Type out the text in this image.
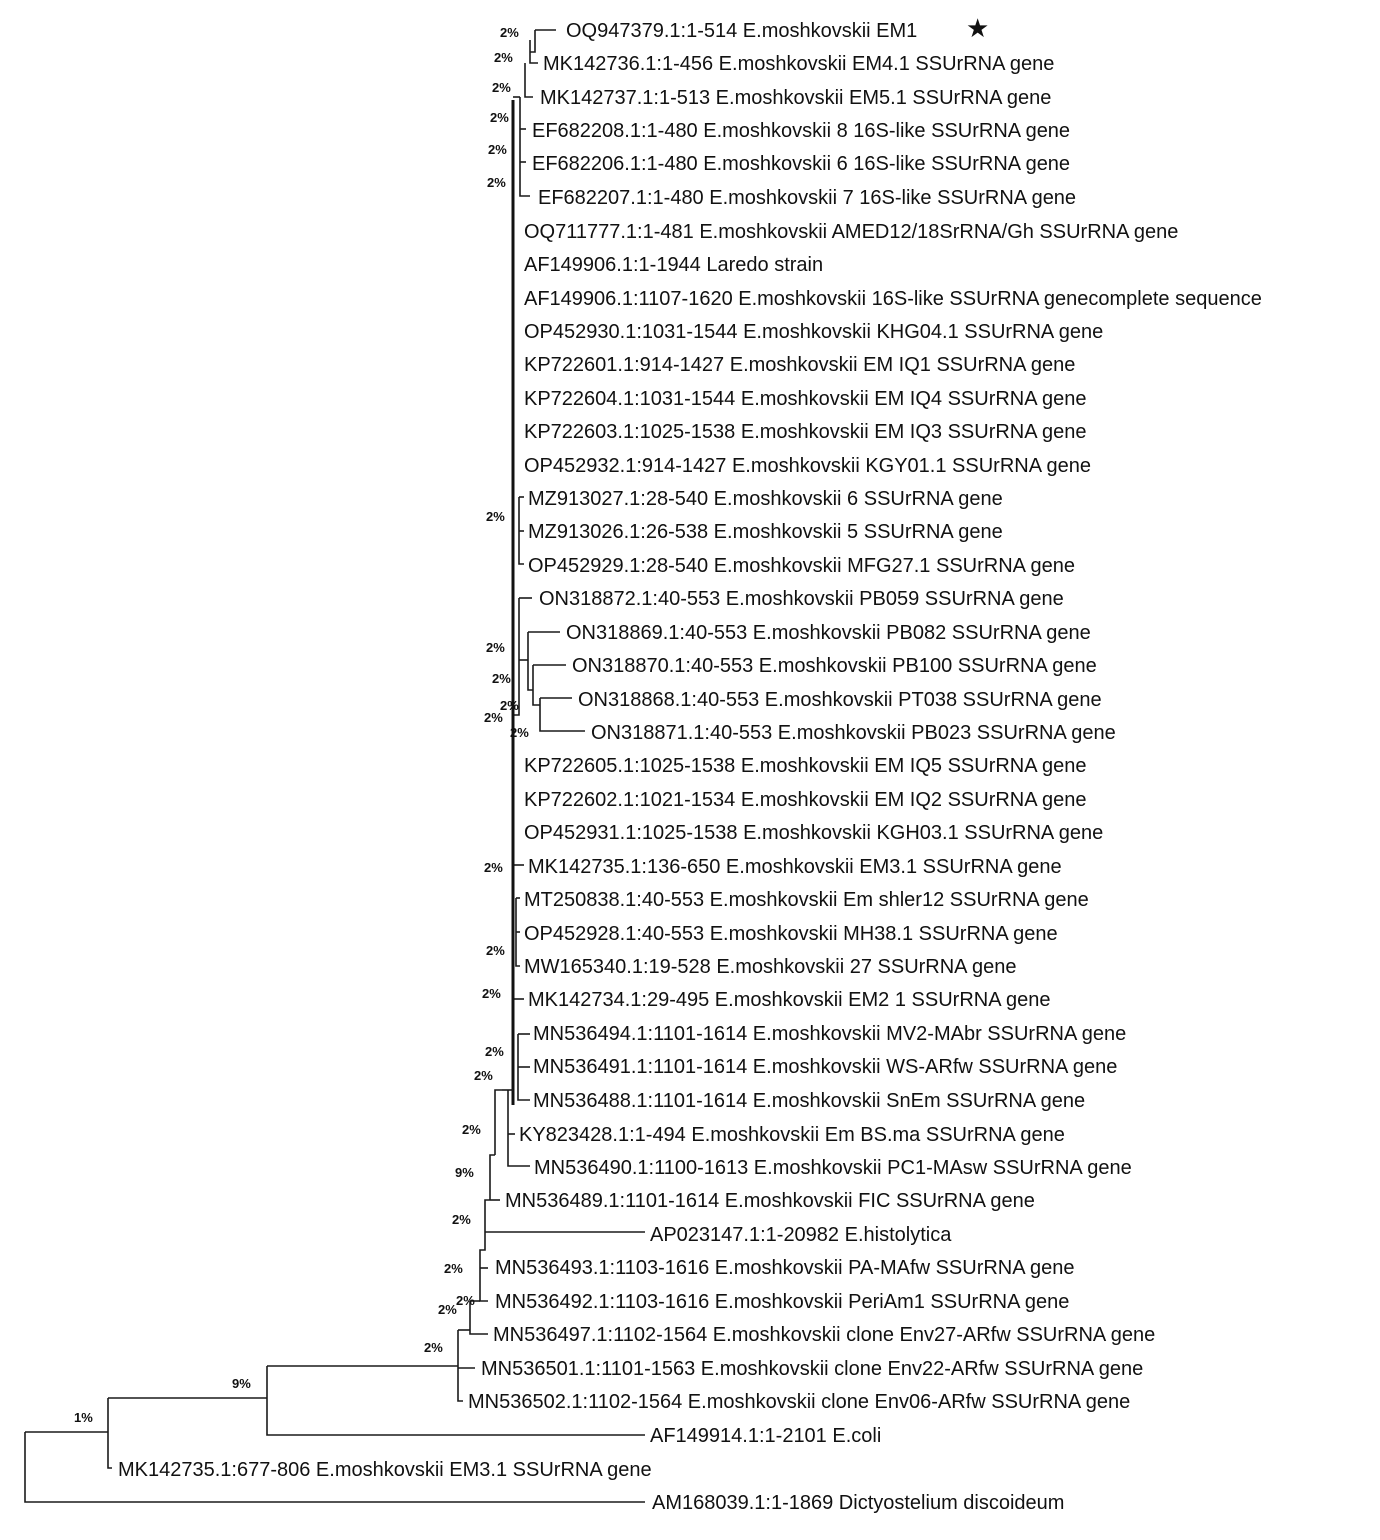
OQ947379.1:1-514 E.moshkovskii EM1 ★
MK142736.1:1-456 E.moshkovskii EM4.1 SSUrRNA gene
MK142737.1:1-513 E.moshkovskii EM5.1 SSUrRNA gene
EF682208.1:1-480 E.moshkovskii 8 16S-like SSUrRNA gene
EF682206.1:1-480 E.moshkovskii 6 16S-like SSUrRNA gene
EF682207.1:1-480 E.moshkovskii 7 16S-like SSUrRNA gene
OQ711777.1:1-481 E.moshkovskii AMED12/18SrRNA/Gh SSUrRNA gene
AF149906.1:1-1944 Laredo strain
AF149906.1:1107-1620 E.moshkovskii 16S-like SSUrRNA genecomplete sequence
OP452930.1:1031-1544 E.moshkovskii KHG04.1 SSUrRNA gene
KP722601.1:914-1427 E.moshkovskii EM IQ1 SSUrRNA gene
KP722604.1:1031-1544 E.moshkovskii EM IQ4 SSUrRNA gene
KP722603.1:1025-1538 E.moshkovskii EM IQ3 SSUrRNA gene
OP452932.1:914-1427 E.moshkovskii KGY01.1 SSUrRNA gene
MZ913027.1:28-540 E.moshkovskii 6 SSUrRNA gene
MZ913026.1:26-538 E.moshkovskii 5 SSUrRNA gene
OP452929.1:28-540 E.moshkovskii MFG27.1 SSUrRNA gene
ON318872.1:40-553 E.moshkovskii PB059 SSUrRNA gene
ON318869.1:40-553 E.moshkovskii PB082 SSUrRNA gene
ON318870.1:40-553 E.moshkovskii PB100 SSUrRNA gene
ON318868.1:40-553 E.moshkovskii PT038 SSUrRNA gene
ON318871.1:40-553 E.moshkovskii PB023 SSUrRNA gene
KP722605.1:1025-1538 E.moshkovskii EM IQ5 SSUrRNA gene
KP722602.1:1021-1534 E.moshkovskii EM IQ2 SSUrRNA gene
OP452931.1:1025-1538 E.moshkovskii KGH03.1 SSUrRNA gene
MK142735.1:136-650 E.moshkovskii EM3.1 SSUrRNA gene
MT250838.1:40-553 E.moshkovskii Em shler12 SSUrRNA gene
OP452928.1:40-553 E.moshkovskii MH38.1 SSUrRNA gene
MW165340.1:19-528 E.moshkovskii 27 SSUrRNA gene
MK142734.1:29-495 E.moshkovskii EM2 1 SSUrRNA gene
MN536494.1:1101-1614 E.moshkovskii MV2-MAbr SSUrRNA gene
MN536491.1:1101-1614 E.moshkovskii WS-ARfw SSUrRNA gene
MN536488.1:1101-1614 E.moshkovskii SnEm SSUrRNA gene
KY823428.1:1-494 E.moshkovskii Em BS.ma SSUrRNA gene
MN536490.1:1100-1613 E.moshkovskii PC1-MAsw SSUrRNA gene
MN536489.1:1101-1614 E.moshkovskii FIC SSUrRNA gene
AP023147.1:1-20982 E.histolytica
MN536493.1:1103-1616 E.moshkovskii PA-MAfw SSUrRNA gene
MN536492.1:1103-1616 E.moshkovskii PeriAm1 SSUrRNA gene
MN536497.1:1102-1564 E.moshkovskii clone Env27-ARfw SSUrRNA gene
MN536501.1:1101-1563 E.moshkovskii clone Env22-ARfw SSUrRNA gene
MN536502.1:1102-1564 E.moshkovskii clone Env06-ARfw SSUrRNA gene
AF149914.1:1-2101 E.coli
MK142735.1:677-806 E.moshkovskii EM3.1 SSUrRNA gene
AM168039.1:1-1869 Dictyostelium discoideum
2%
2%
2%
2%
2%
2%
2%
2%
2%
2%
2%
2%
2%
2%
2%
2%
2%
2%
9%
2%
2%
2%
2%
2%
9%
1%
